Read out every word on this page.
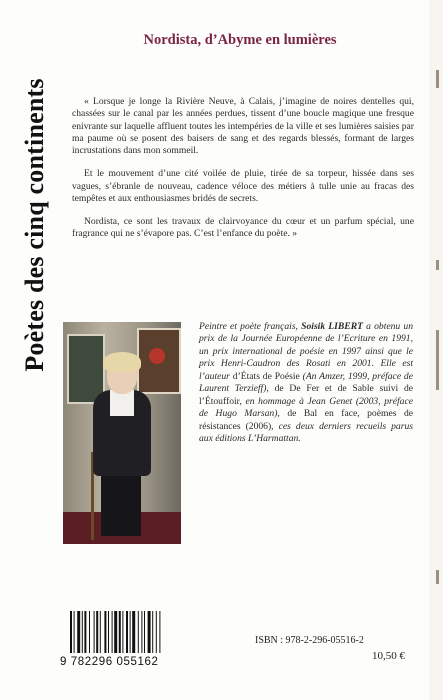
Poètes des cinq continents
Nordista, d’Abyme en lumières

« Lorsque je longe la Rivière Neuve, à Calais, j’imagine de noires dentelles qui, chassées sur le canal par les années perdues, tissent d’une boucle magique une fresque enivrante sur laquelle affluent toutes les intempéries de la ville et ses lumières saisies par ma paume où se posent des baisers de sang et des regards blessés, formant de larges incrustations dans mon sommeil.

Et le mouvement d’une cité voilée de pluie, tirée de sa torpeur, hissée dans ses vagues, s’ébranle de nouveau, cadence véloce des métiers à tulle unie au fracas des tempêtes et aux enthousiasmes bridés de secrets.

Nordista, ce sont les travaux de clairvoyance du cœur et un parfum spécial, une fragrance qui ne s’évapore pas. C’est l’enfance du poète. »

Peintre et poète français, Soisik LIBERT a obtenu un prix de la Journée Européenne de l’Ecriture en 1991, un prix international de poésie en 1997 ainsi que le prix Henri-Caudron des Rosati en 2001. Elle est l’auteur d’États de Poésie (An Amzer, 1999, préface de Laurent Terzieff), de De Fer et de Sable suivi de l’Étouffoir, en hommage à Jean Genet (2003, préface de Hugo Marsan), de Bal en face, poèmes de résistances (2006), ces deux derniers recueils parus aux éditions L’Harmattan.
9 782296 055162
ISBN : 978-2-296-05516-2
10,50 €
